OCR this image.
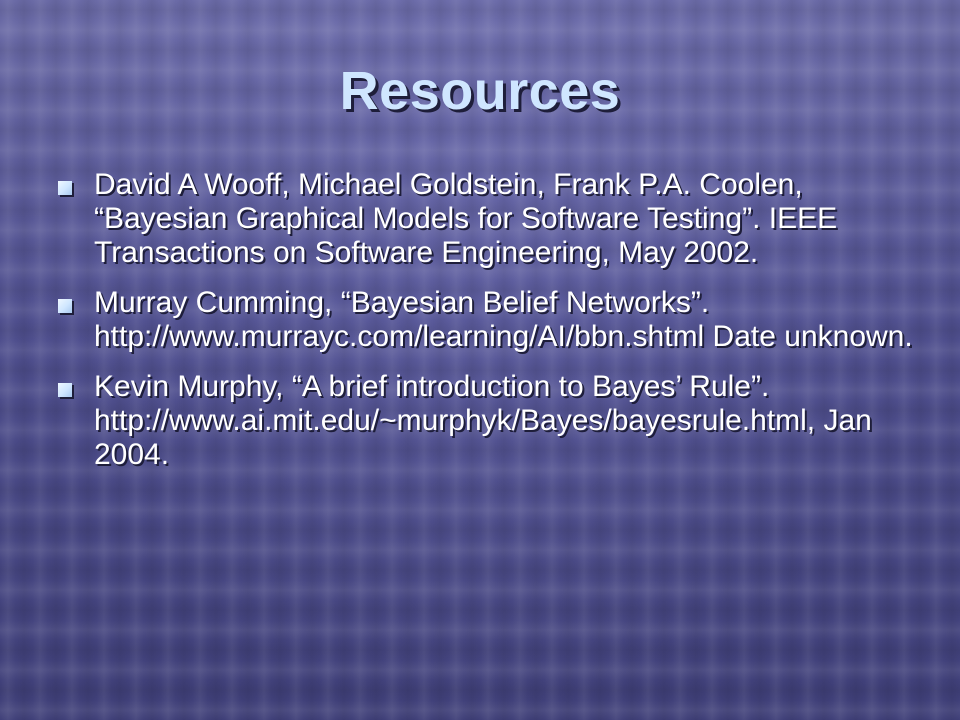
Resources
David A Wooff, Michael Goldstein, Frank P.A. Coolen, “Bayesian Graphical Models for Software Testing”. IEEE Transactions on Software Engineering, May 2002.
Murray Cumming, “Bayesian Belief Networks”. http://www.murrayc.com/learning/AI/bbn.shtml Date unknown.
Kevin Murphy, “A brief introduction to Bayes’ Rule”. http://www.ai.mit.edu/~murphyk/Bayes/bayesrule.html, Jan 2004.
